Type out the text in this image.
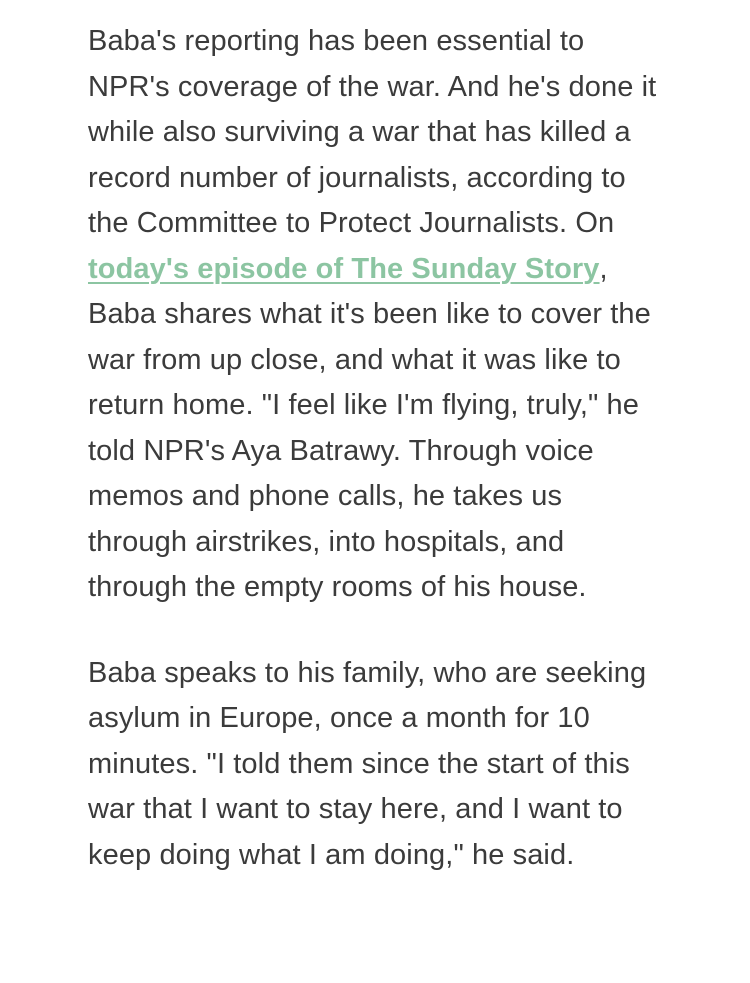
Baba's reporting has been essential to NPR's coverage of the war. And he's done it while also surviving a war that has killed a record number of journalists, according to the Committee to Protect Journalists. On today's episode of The Sunday Story, Baba shares what it's been like to cover the war from up close, and what it was like to return home. "I feel like I'm flying, truly," he told NPR's Aya Batrawy. Through voice memos and phone calls, he takes us through airstrikes, into hospitals, and through the empty rooms of his house.

Baba speaks to his family, who are seeking asylum in Europe, once a month for 10 minutes. "I told them since the start of this war that I want to stay here, and I want to keep doing what I am doing," he said.
